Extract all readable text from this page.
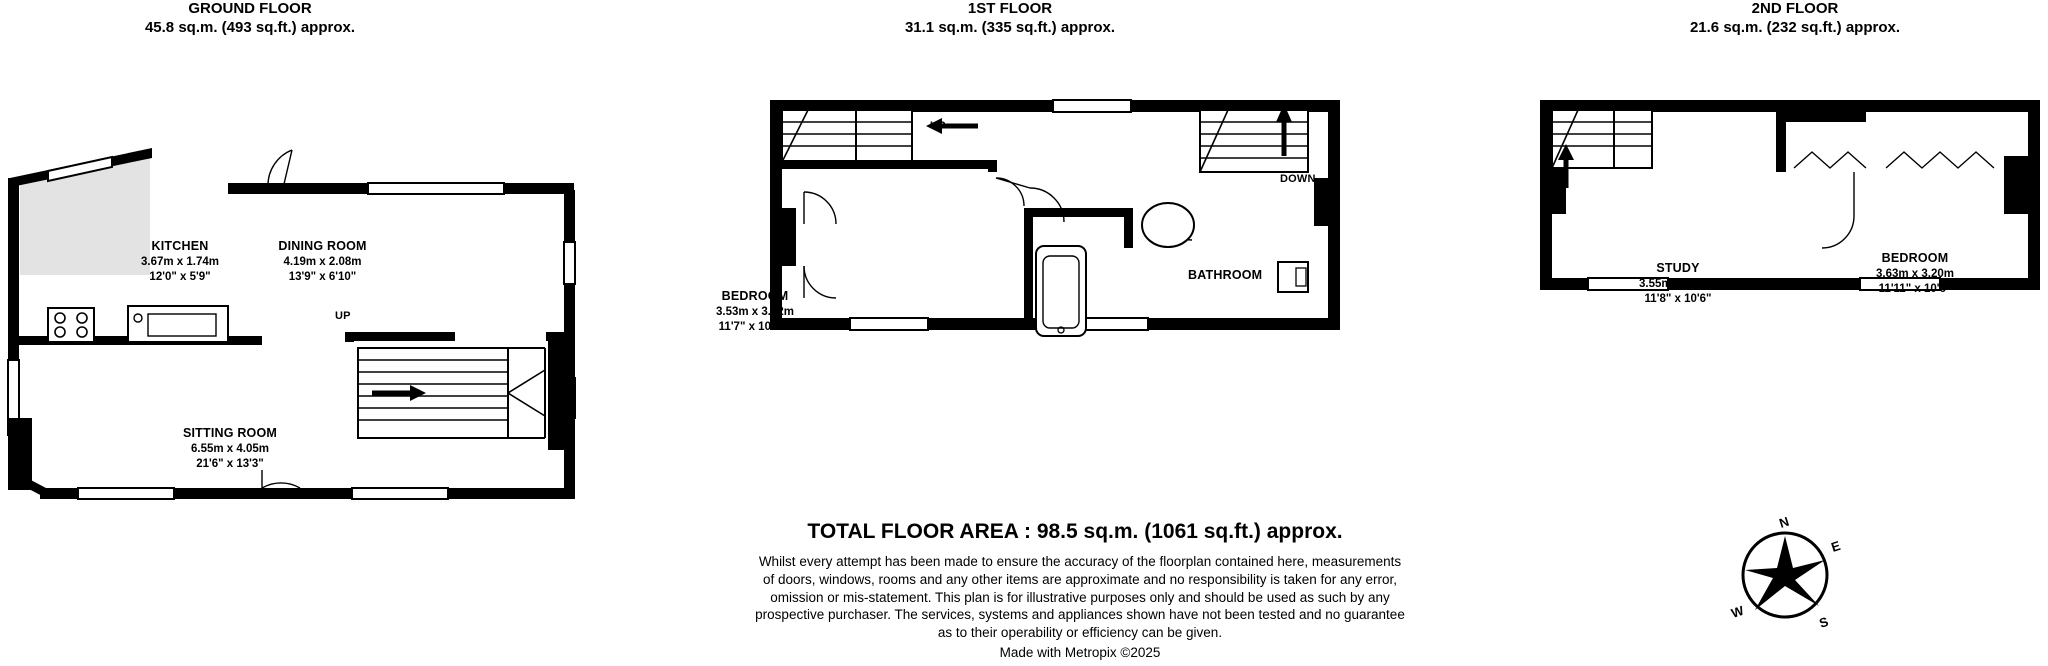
GROUND FLOOR
45.8 sq.m. (493 sq.ft.) approx.
1ST FLOOR
31.1 sq.m. (335 sq.ft.) approx.
2ND FLOOR
21.6 sq.m. (232 sq.ft.) approx.
KITCHEN
3.67m x 1.74m
12'0" x 5'9"
DINING ROOM
4.19m x 2.08m
13'9" x 6'10"
SITTING ROOM
6.55m x 4.05m
21'6" x 13'3"
UP
BEDROOM
3.53m x 3.32m
11'7" x 10'11"
BATHROOM
UP
DOWN
STUDY
3.55m x 3.19m
11'8" x 10'6"
BEDROOM
3.63m x 3.20m
11'11" x 10'6"
TOTAL FLOOR AREA : 98.5 sq.m. (1061 sq.ft.) approx.
Whilst every attempt has been made to ensure the accuracy of the floorplan contained here, measurements
of doors, windows, rooms and any other items are approximate and no responsibility is taken for any error,
omission or mis-statement. This plan is for illustrative purposes only and should be used as such by any
prospective purchaser. The services, systems and appliances shown have not been tested and no guarantee
as to their operability or efficiency can be given.
Made with Metropix ©2025
N
E
S
W
